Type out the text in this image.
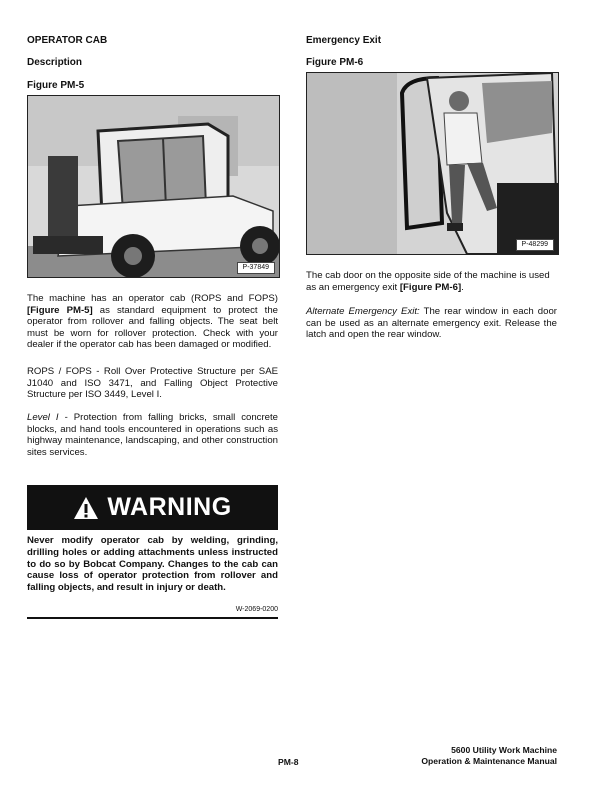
OPERATOR CAB
Description
Figure PM-5
P-37849
The machine has an operator cab (ROPS and FOPS) [Figure PM-5] as standard equipment to protect the operator from rollover and falling objects. The seat belt must be worn for rollover protection. Check with your dealer if the operator cab has been damaged or modified.
ROPS / FOPS - Roll Over Protective Structure per SAE J1040 and ISO 3471, and Falling Object Protective Structure per ISO 3449, Level I.
Level I - Protection from falling bricks, small concrete blocks, and hand tools encountered in operations such as highway maintenance, landscaping, and other construction sites services.
WARNING
Never modify operator cab by welding, grinding, drilling holes or adding attachments unless instructed to do so by Bobcat Company. Changes to the cab can cause loss of operator protection from rollover and falling objects, and result in injury or death.
W-2069-0200
Emergency Exit
Figure PM-6
P-48299
The cab door on the opposite side of the machine is used as an emergency exit [Figure PM-6].
Alternate Emergency Exit: The rear window in each door can be used as an alternate emergency exit. Release the latch and open the rear window.
PM-8
5600 Utility Work Machine
Operation & Maintenance Manual
